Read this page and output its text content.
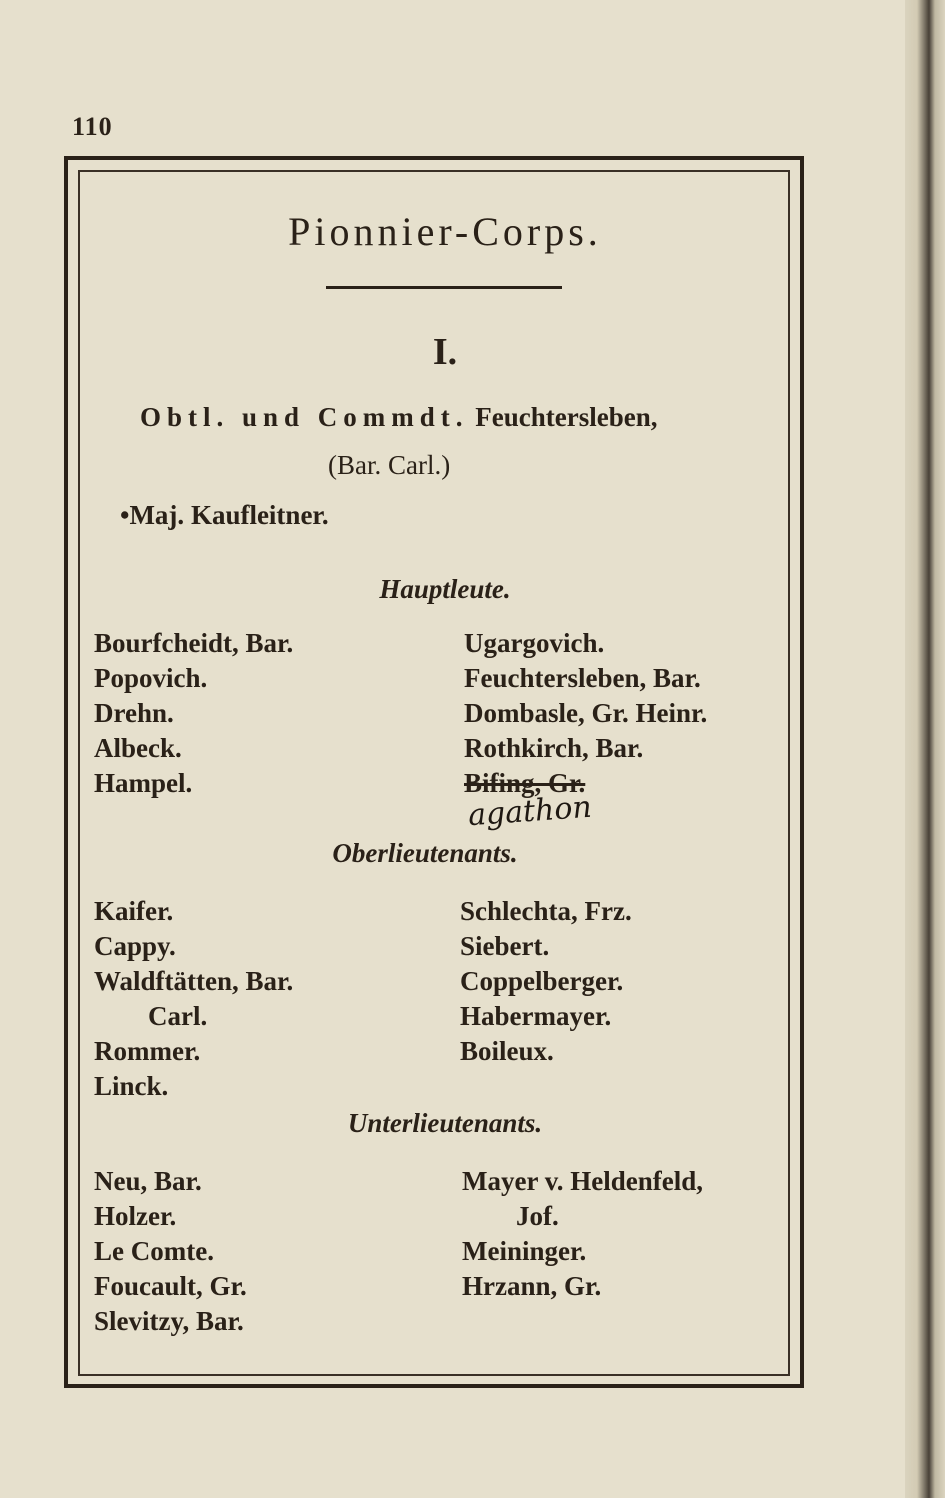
110
Pionnier-Corps.
I.
Obtl. und Commdt. Feuchtersleben,
(Bar. Carl.)
•Maj. Kaufleitner.
Hauptleute.
Bourfcheidt, Bar.
Popovich.
Drehn.
Albeck.
Hampel.
Ugargovich.
Feuchtersleben, Bar.
Dombasle, Gr. Heinr.
Rothkirch, Bar.
Bifing, Gr.
agathon
Oberlieutenants.
Kaifer.
Cappy.
Waldftätten, Bar.
Carl.
Rommer.
Linck.
Schlechta, Frz.
Siebert.
Coppelberger.
Habermayer.
Boileux.
Unterlieutenants.
Neu, Bar.
Holzer.
Le Comte.
Foucault, Gr.
Slevitzy, Bar.
Mayer v. Heldenfeld,
Jof.
Meininger.
Hrzann, Gr.
